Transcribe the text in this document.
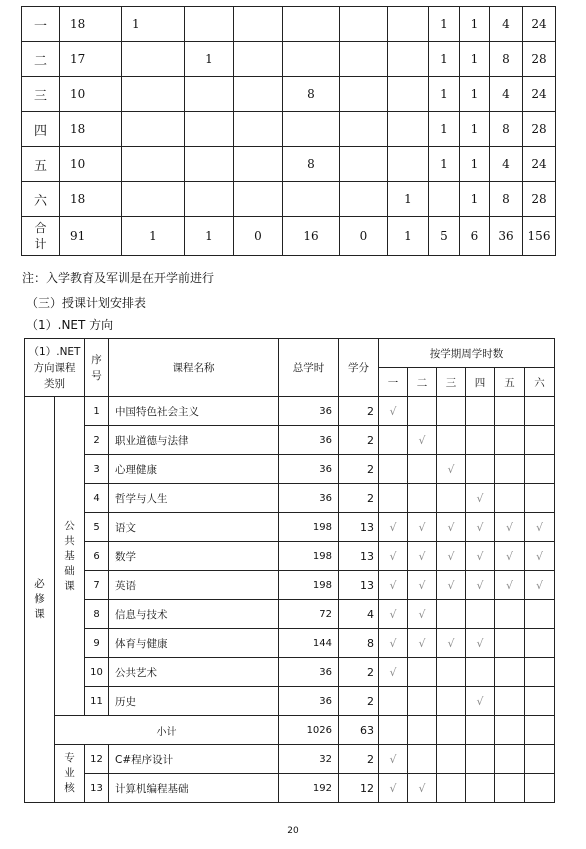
一	18	1						1	1	4	24
二	17		1					1	1	8	28
三	10				8			1	1	4	24
四	18							1	1	8	28
五	10				8			1	1	4	24
六	18						1		1	8	28
合
计	91	1	1	0	16	0	1	5	6	36	156
注：入学教育及军训是在开学前进行
（三）授课计划安排表
（1）.NET 方向
（1）.NET
方向课程
类别		序
号	课程名称	总学时	学分	按学期周学时数					
						一	二	三	四	五	六
必
修
课	公
共
基
础
课	1	中国特色社会主义	36	2	√					
		2	职业道德与法律	36	2		√				
		3	心理健康	36	2			√			
		4	哲学与人生	36	2				√		
		5	语文	198	13	√	√	√	√	√	√
		6	数学	198	13	√	√	√	√	√	√
		7	英语	198	13	√	√	√	√	√	√
		8	信息与技术	72	4	√	√				
		9	体育与健康	144	8	√	√	√	√		
		10	公共艺术	36	2	√					
		11	历史	36	2				√		
	小计			1026	63						
	专
业
核	12	C#程序设计	32	2	√					
		13	计算机编程基础	192	12	√	√				
20
